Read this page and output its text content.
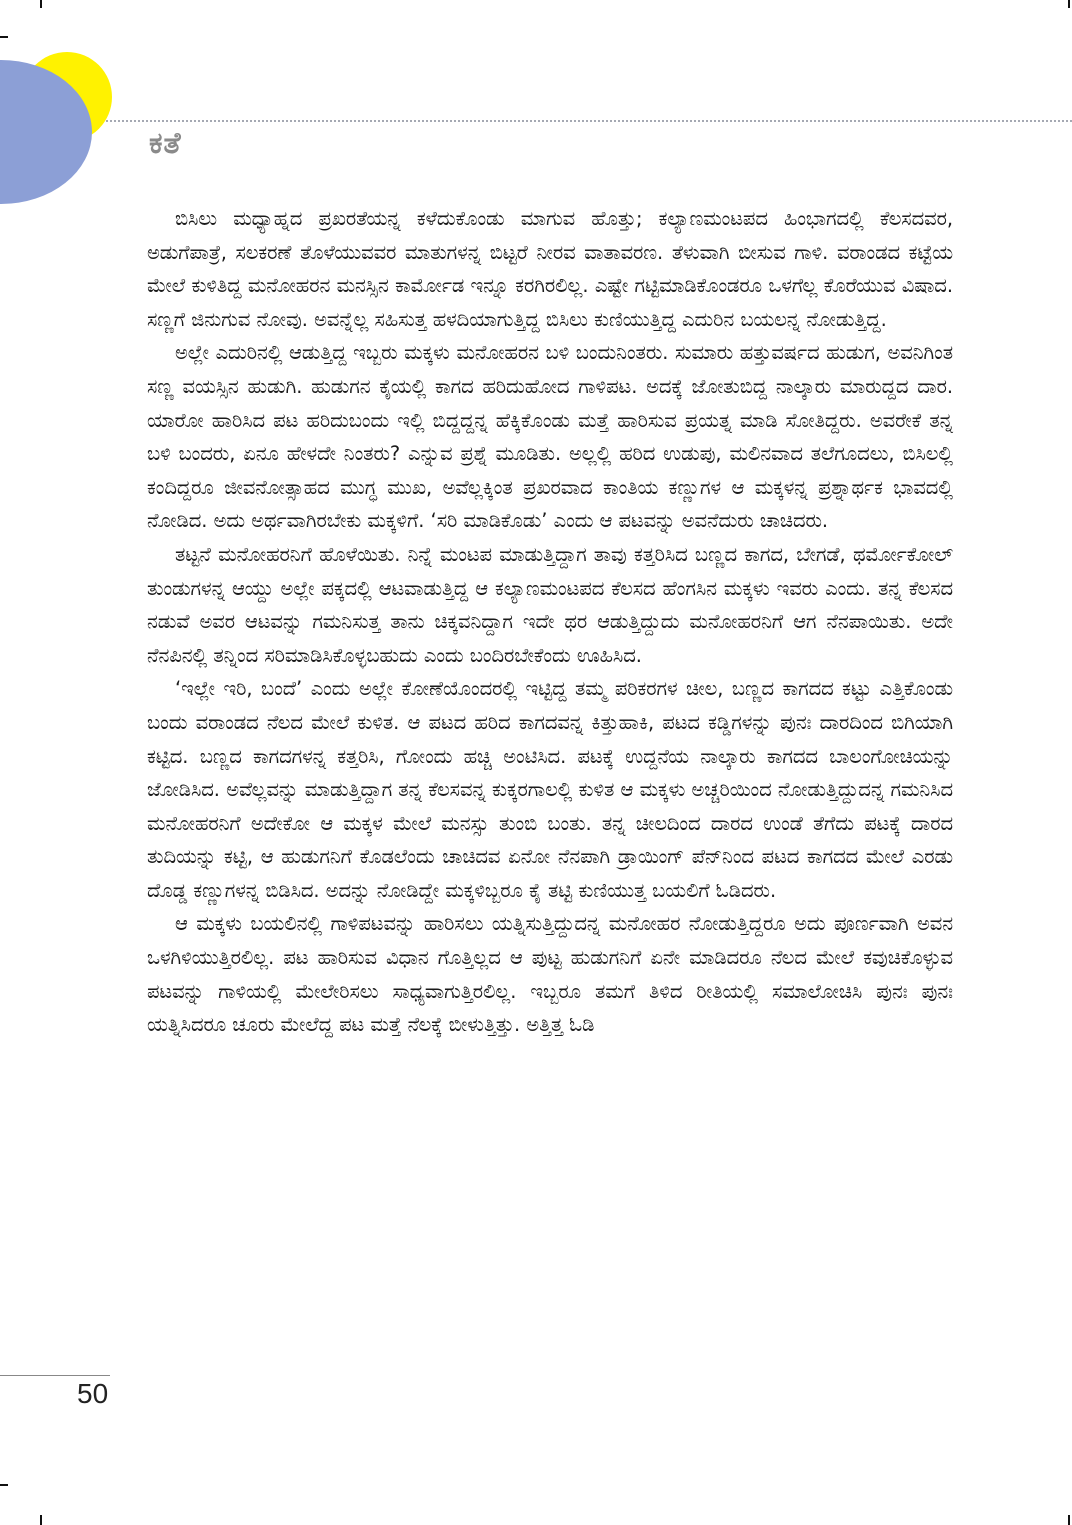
ಕತೆ

ಬಿಸಿಲು ಮಧ್ಯಾಹ್ನದ ಪ್ರಖರತೆಯನ್ನ ಕಳೆದುಕೊಂಡು ಮಾಗುವ ಹೊತ್ತು; ಕಲ್ಯಾಣಮಂಟಪದ ಹಿಂಭಾಗದಲ್ಲಿ ಕೆಲಸದವರ, ಅಡುಗೆಪಾತ್ರೆ, ಸಲಕರಣೆ ತೊಳೆಯುವವರ ಮಾತುಗಳನ್ನ ಬಿಟ್ಟರೆ ನೀರವ ವಾತಾವರಣ. ತೆಳುವಾಗಿ ಬೀಸುವ ಗಾಳಿ. ವರಾಂಡದ ಕಟ್ಟೆಯ ಮೇಲೆ ಕುಳಿತಿದ್ದ ಮನೋಹರನ ಮನಸ್ಸಿನ ಕಾರ್ಮೋಡ ಇನ್ನೂ ಕರಗಿರಲಿಲ್ಲ. ಎಷ್ಟೇ ಗಟ್ಟಿಮಾಡಿಕೊಂಡರೂ ಒಳಗೆಲ್ಲ ಕೊರೆಯುವ ವಿಷಾದ. ಸಣ್ಣಗೆ ಜಿನುಗುವ ನೋವು. ಅವನ್ನೆಲ್ಲ ಸಹಿಸುತ್ತ ಹಳದಿಯಾಗುತ್ತಿದ್ದ ಬಿಸಿಲು ಕುಣಿಯುತ್ತಿದ್ದ ಎದುರಿನ ಬಯಲನ್ನ ನೋಡುತ್ತಿದ್ದ.

ಅಲ್ಲೇ ಎದುರಿನಲ್ಲಿ ಆಡುತ್ತಿದ್ದ ಇಬ್ಬರು ಮಕ್ಕಳು ಮನೋಹರನ ಬಳಿ ಬಂದುನಿಂತರು. ಸುಮಾರು ಹತ್ತುವರ್ಷದ ಹುಡುಗ, ಅವನಿಗಿಂತ ಸಣ್ಣ ವಯಸ್ಸಿನ ಹುಡುಗಿ. ಹುಡುಗನ ಕೈಯಲ್ಲಿ ಕಾಗದ ಹರಿದುಹೋದ ಗಾಳಿಪಟ. ಅದಕ್ಕೆ ಜೋತುಬಿದ್ದ ನಾಲ್ಕಾರು ಮಾರುದ್ದದ ದಾರ. ಯಾರೋ ಹಾರಿಸಿದ ಪಟ ಹರಿದುಬಂದು ಇಲ್ಲಿ ಬಿದ್ದದ್ದನ್ನ ಹೆಕ್ಕಿಕೊಂಡು ಮತ್ತೆ ಹಾರಿಸುವ ಪ್ರಯತ್ನ ಮಾಡಿ ಸೋತಿದ್ದರು. ಅವರೇಕೆ ತನ್ನ ಬಳಿ ಬಂದರು, ಏನೂ ಹೇಳದೇ ನಿಂತರು? ಎನ್ನುವ ಪ್ರಶ್ನೆ ಮೂಡಿತು. ಅಲ್ಲಲ್ಲಿ ಹರಿದ ಉಡುಪು, ಮಲಿನವಾದ ತಲೆಗೂದಲು, ಬಿಸಿಲಲ್ಲಿ ಕಂದಿದ್ದರೂ ಜೀವನೋತ್ಸಾಹದ ಮುಗ್ಧ ಮುಖ, ಅವೆಲ್ಲಕ್ಕಿಂತ ಪ್ರಖರವಾದ ಕಾಂತಿಯ ಕಣ್ಣುಗಳ ಆ ಮಕ್ಕಳನ್ನ ಪ್ರಶ್ನಾರ್ಥಕ ಭಾವದಲ್ಲಿ ನೋಡಿದ. ಅದು ಅರ್ಥವಾಗಿರಬೇಕು ಮಕ್ಕಳಿಗೆ. ‘ಸರಿ ಮಾಡಿಕೊಡು’ ಎಂದು ಆ ಪಟವನ್ನು ಅವನೆದುರು ಚಾಚಿದರು.

ತಟ್ಟನೆ ಮನೋಹರನಿಗೆ ಹೊಳೆಯಿತು. ನಿನ್ನೆ ಮಂಟಪ ಮಾಡುತ್ತಿದ್ದಾಗ ತಾವು ಕತ್ತರಿಸಿದ ಬಣ್ಣದ ಕಾಗದ, ಬೇಗಡೆ, ಥರ್ಮೋಕೋಲ್ ತುಂಡುಗಳನ್ನ ಆಯ್ದು ಅಲ್ಲೇ ಪಕ್ಕದಲ್ಲಿ ಆಟವಾಡುತ್ತಿದ್ದ ಆ ಕಲ್ಯಾಣಮಂಟಪದ ಕೆಲಸದ ಹೆಂಗಸಿನ ಮಕ್ಕಳು ಇವರು ಎಂದು. ತನ್ನ ಕೆಲಸದ ನಡುವೆ ಅವರ ಆಟವನ್ನು ಗಮನಿಸುತ್ತ ತಾನು ಚಿಕ್ಕವನಿದ್ದಾಗ ಇದೇ ಥರ ಆಡುತ್ತಿದ್ದುದು ಮನೋಹರನಿಗೆ ಆಗ ನೆನಪಾಯಿತು. ಅದೇ ನೆನಪಿನಲ್ಲಿ ತನ್ನಿಂದ ಸರಿಮಾಡಿಸಿಕೊಳ್ಳಬಹುದು ಎಂದು ಬಂದಿರಬೇಕೆಂದು ಊಹಿಸಿದ.

‘ಇಲ್ಲೇ ಇರಿ, ಬಂದೆ’ ಎಂದು ಅಲ್ಲೇ ಕೋಣೆಯೊಂದರಲ್ಲಿ ಇಟ್ಟಿದ್ದ ತಮ್ಮ ಪರಿಕರಗಳ ಚೀಲ, ಬಣ್ಣದ ಕಾಗದದ ಕಟ್ಟು ಎತ್ತಿಕೊಂಡು ಬಂದು ವರಾಂಡದ ನೆಲದ ಮೇಲೆ ಕುಳಿತ. ಆ ಪಟದ ಹರಿದ ಕಾಗದವನ್ನ ಕಿತ್ತುಹಾಕಿ, ಪಟದ ಕಡ್ಡಿಗಳನ್ನು ಪುನಃ ದಾರದಿಂದ ಬಿಗಿಯಾಗಿ ಕಟ್ಟಿದ. ಬಣ್ಣದ ಕಾಗದಗಳನ್ನ ಕತ್ತರಿಸಿ, ಗೋಂದು ಹಚ್ಚಿ ಅಂಟಿಸಿದ. ಪಟಕ್ಕೆ ಉದ್ದನೆಯ ನಾಲ್ಕಾರು ಕಾಗದದ ಬಾಲಂಗೋಚಿಯನ್ನು ಜೋಡಿಸಿದ. ಅವೆಲ್ಲವನ್ನು ಮಾಡುತ್ತಿದ್ದಾಗ ತನ್ನ ಕೆಲಸವನ್ನ ಕುಕ್ಕರಗಾಲಲ್ಲಿ ಕುಳಿತ ಆ ಮಕ್ಕಳು ಅಚ್ಚರಿಯಿಂದ ನೋಡುತ್ತಿದ್ದುದನ್ನ ಗಮನಿಸಿದ ಮನೋಹರನಿಗೆ ಅದೇಕೋ ಆ ಮಕ್ಕಳ ಮೇಲೆ ಮನಸ್ಸು ತುಂಬಿ ಬಂತು. ತನ್ನ ಚೀಲದಿಂದ ದಾರದ ಉಂಡೆ ತೆಗೆದು ಪಟಕ್ಕೆ ದಾರದ ತುದಿಯನ್ನು ಕಟ್ಟಿ, ಆ ಹುಡುಗನಿಗೆ ಕೊಡಲೆಂದು ಚಾಚಿದವ ಏನೋ ನೆನಪಾಗಿ ಡ್ರಾಯಿಂಗ್ ಪೆನ್‌ನಿಂದ ಪಟದ ಕಾಗದದ ಮೇಲೆ ಎರಡು ದೊಡ್ಡ ಕಣ್ಣುಗಳನ್ನ ಬಿಡಿಸಿದ. ಅದನ್ನು ನೋಡಿದ್ದೇ ಮಕ್ಕಳಿಬ್ಬರೂ ಕೈ ತಟ್ಟಿ ಕುಣಿಯುತ್ತ ಬಯಲಿಗೆ ಓಡಿದರು.

ಆ ಮಕ್ಕಳು ಬಯಲಿನಲ್ಲಿ ಗಾಳಿಪಟವನ್ನು ಹಾರಿಸಲು ಯತ್ನಿಸುತ್ತಿದ್ದುದನ್ನ ಮನೋಹರ ನೋಡುತ್ತಿದ್ದರೂ ಅದು ಪೂರ್ಣವಾಗಿ ಅವನ ಒಳಗಿಳಿಯುತ್ತಿರಲಿಲ್ಲ. ಪಟ ಹಾರಿಸುವ ವಿಧಾನ ಗೊತ್ತಿಲ್ಲದ ಆ ಪುಟ್ಟ ಹುಡುಗನಿಗೆ ಏನೇ ಮಾಡಿದರೂ ನೆಲದ ಮೇಲೆ ಕವುಚಿಕೊಳ್ಳುವ ಪಟವನ್ನು ಗಾಳಿಯಲ್ಲಿ ಮೇಲೇರಿಸಲು ಸಾಧ್ಯವಾಗುತ್ತಿರಲಿಲ್ಲ. ಇಬ್ಬರೂ ತಮಗೆ ತಿಳಿದ ರೀತಿಯಲ್ಲಿ ಸಮಾಲೋಚಿಸಿ ಪುನಃ ಪುನಃ ಯತ್ನಿಸಿದರೂ ಚೂರು ಮೇಲೆದ್ದ ಪಟ ಮತ್ತೆ ನೆಲಕ್ಕೆ ಬೀಳುತ್ತಿತ್ತು. ಅತ್ತಿತ್ತ ಓಡಿ

50
